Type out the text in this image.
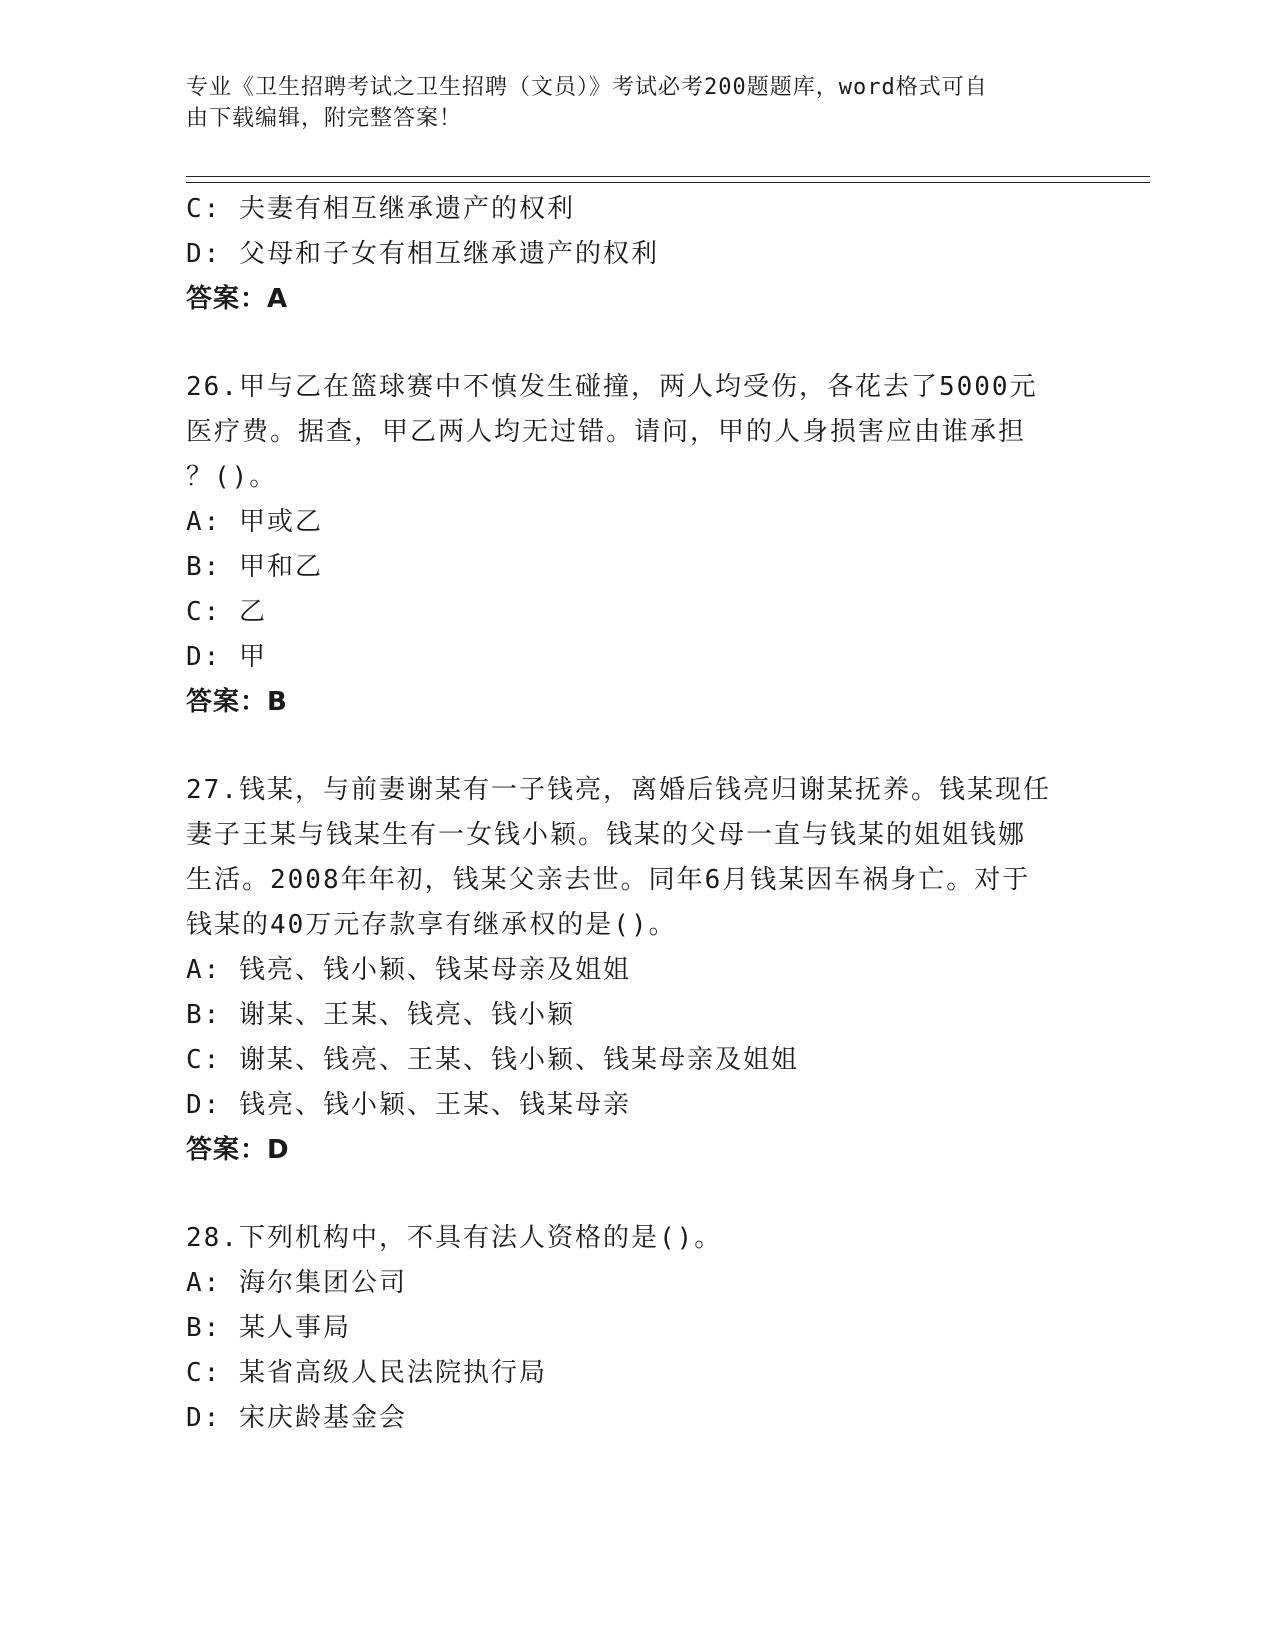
专业《卫生招聘考试之卫生招聘（文员）》考试必考200题题库，word格式可自
由下载编辑，附完整答案！
C: 夫妻有相互继承遗产的权利
D: 父母和子女有相互继承遗产的权利
答案：A
26.甲与乙在篮球赛中不慎发生碰撞，两人均受伤，各花去了5000元
医疗费。据查，甲乙两人均无过错。请问，甲的人身损害应由谁承担
？()。
A: 甲或乙
B: 甲和乙
C: 乙
D: 甲
答案：B
27.钱某，与前妻谢某有一子钱亮，离婚后钱亮归谢某抚养。钱某现任
妻子王某与钱某生有一女钱小颖。钱某的父母一直与钱某的姐姐钱娜
生活。2008年年初，钱某父亲去世。同年6月钱某因车祸身亡。对于
钱某的40万元存款享有继承权的是()。
A: 钱亮、钱小颖、钱某母亲及姐姐
B: 谢某、王某、钱亮、钱小颖
C: 谢某、钱亮、王某、钱小颖、钱某母亲及姐姐
D: 钱亮、钱小颖、王某、钱某母亲
答案：D
28.下列机构中，不具有法人资格的是()。
A: 海尔集团公司
B: 某人事局
C: 某省高级人民法院执行局
D: 宋庆龄基金会
